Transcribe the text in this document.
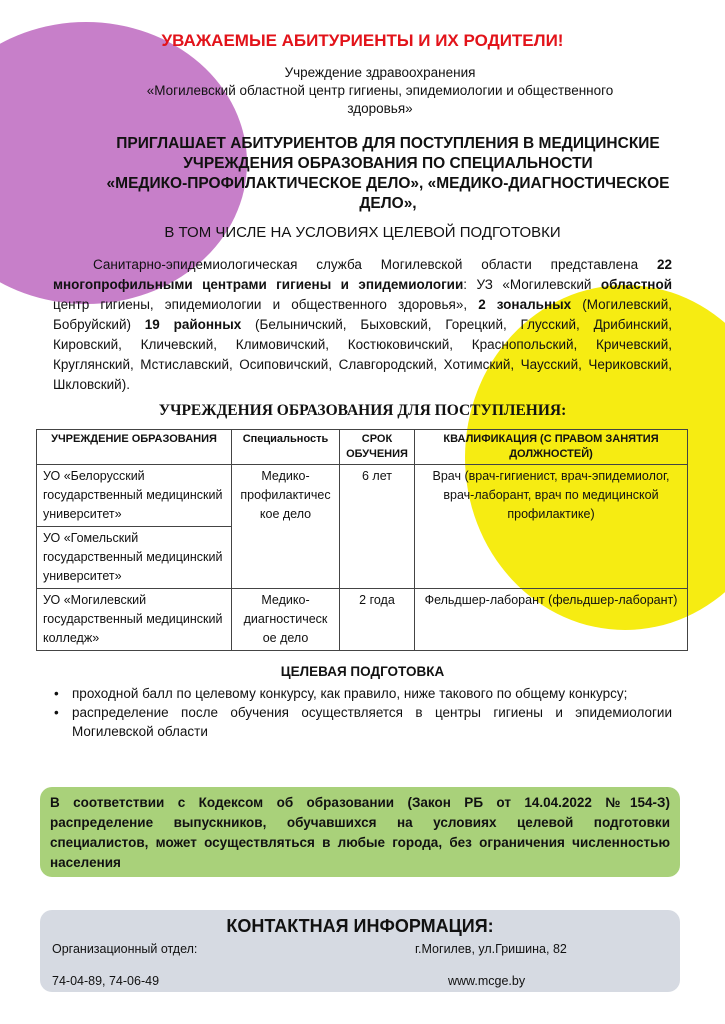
УВАЖАЕМЫЕ АБИТУРИЕНТЫ И ИХ РОДИТЕЛИ!
Учреждение здравоохранения
«Могилевский областной центр гигиены, эпидемиологии и общественного
здоровья»
ПРИГЛАШАЕТ АБИТУРИЕНТОВ ДЛЯ ПОСТУПЛЕНИЯ В МЕДИЦИНСКИЕ
УЧРЕЖДЕНИЯ ОБРАЗОВАНИЯ ПО СПЕЦИАЛЬНОСТИ
«МЕДИКО-ПРОФИЛАКТИЧЕСКОЕ ДЕЛО», «МЕДИКО-ДИАГНОСТИЧЕСКОЕ
ДЕЛО»,
В ТОМ ЧИСЛЕ НА УСЛОВИЯХ ЦЕЛЕВОЙ ПОДГОТОВКИ

Санитарно-эпидемиологическая служба Могилевской области представлена 22 многопрофильными центрами гигиены и эпидемиологии: УЗ «Могилевский областной центр гигиены, эпидемиологии и общественного здоровья», 2 зональных (Могилевский, Бобруйский) 19 районных (Белыничский, Быховский, Горецкий, Глусский, Дрибинский, Кировский, Кличевский, Климовичский, Костюковичский, Краснопольский, Кричевский, Круглянский, Мстиславский, Осиповичский, Славгородский, Хотимский, Чаусский, Чериковский, Шкловский).

УЧРЕЖДЕНИЯ ОБРАЗОВАНИЯ ДЛЯ ПОСТУПЛЕНИЯ:
УЧРЕЖДЕНИЕ ОБРАЗОВАНИЯ	Специальность	СРОК ОБУЧЕНИЯ	КВАЛИФИКАЦИЯ (С ПРАВОМ ЗАНЯТИЯ ДОЛЖНОСТЕЙ)
УО «Белорусский государственный медицинский университет»	Медико-профилактичес кое дело	6 лет	Врач (врач-гигиенист, врач-эпидемиолог, врач-лаборант, врач по медицинской профилактике)
УО «Гомельский государственный медицинский университет»			
УО «Могилевский государственный медицинский колледж»	Медико-диагностическ ое дело	2 года	Фельдшер-лаборант (фельдшер-лаборант)
ЦЕЛЕВАЯ ПОДГОТОВКА
• проходной балл по целевому конкурсу, как правило, ниже такового по общему конкурсу;
• распределение после обучения осуществляется в центры гигиены и эпидемиологии Могилевской области
В соответствии с Кодексом об образовании (Закон РБ от 14.04.2022 №154-З) распределение выпускников, обучавшихся на условиях целевой подготовки специалистов, может осуществляться в любые города, без ограничения численностью населения
КОНТАКТНАЯ ИНФОРМАЦИЯ:
Организационный отдел:	г.Могилев, ул.Гришина, 82
74-04-89, 74-06-49	www.mcge.by
